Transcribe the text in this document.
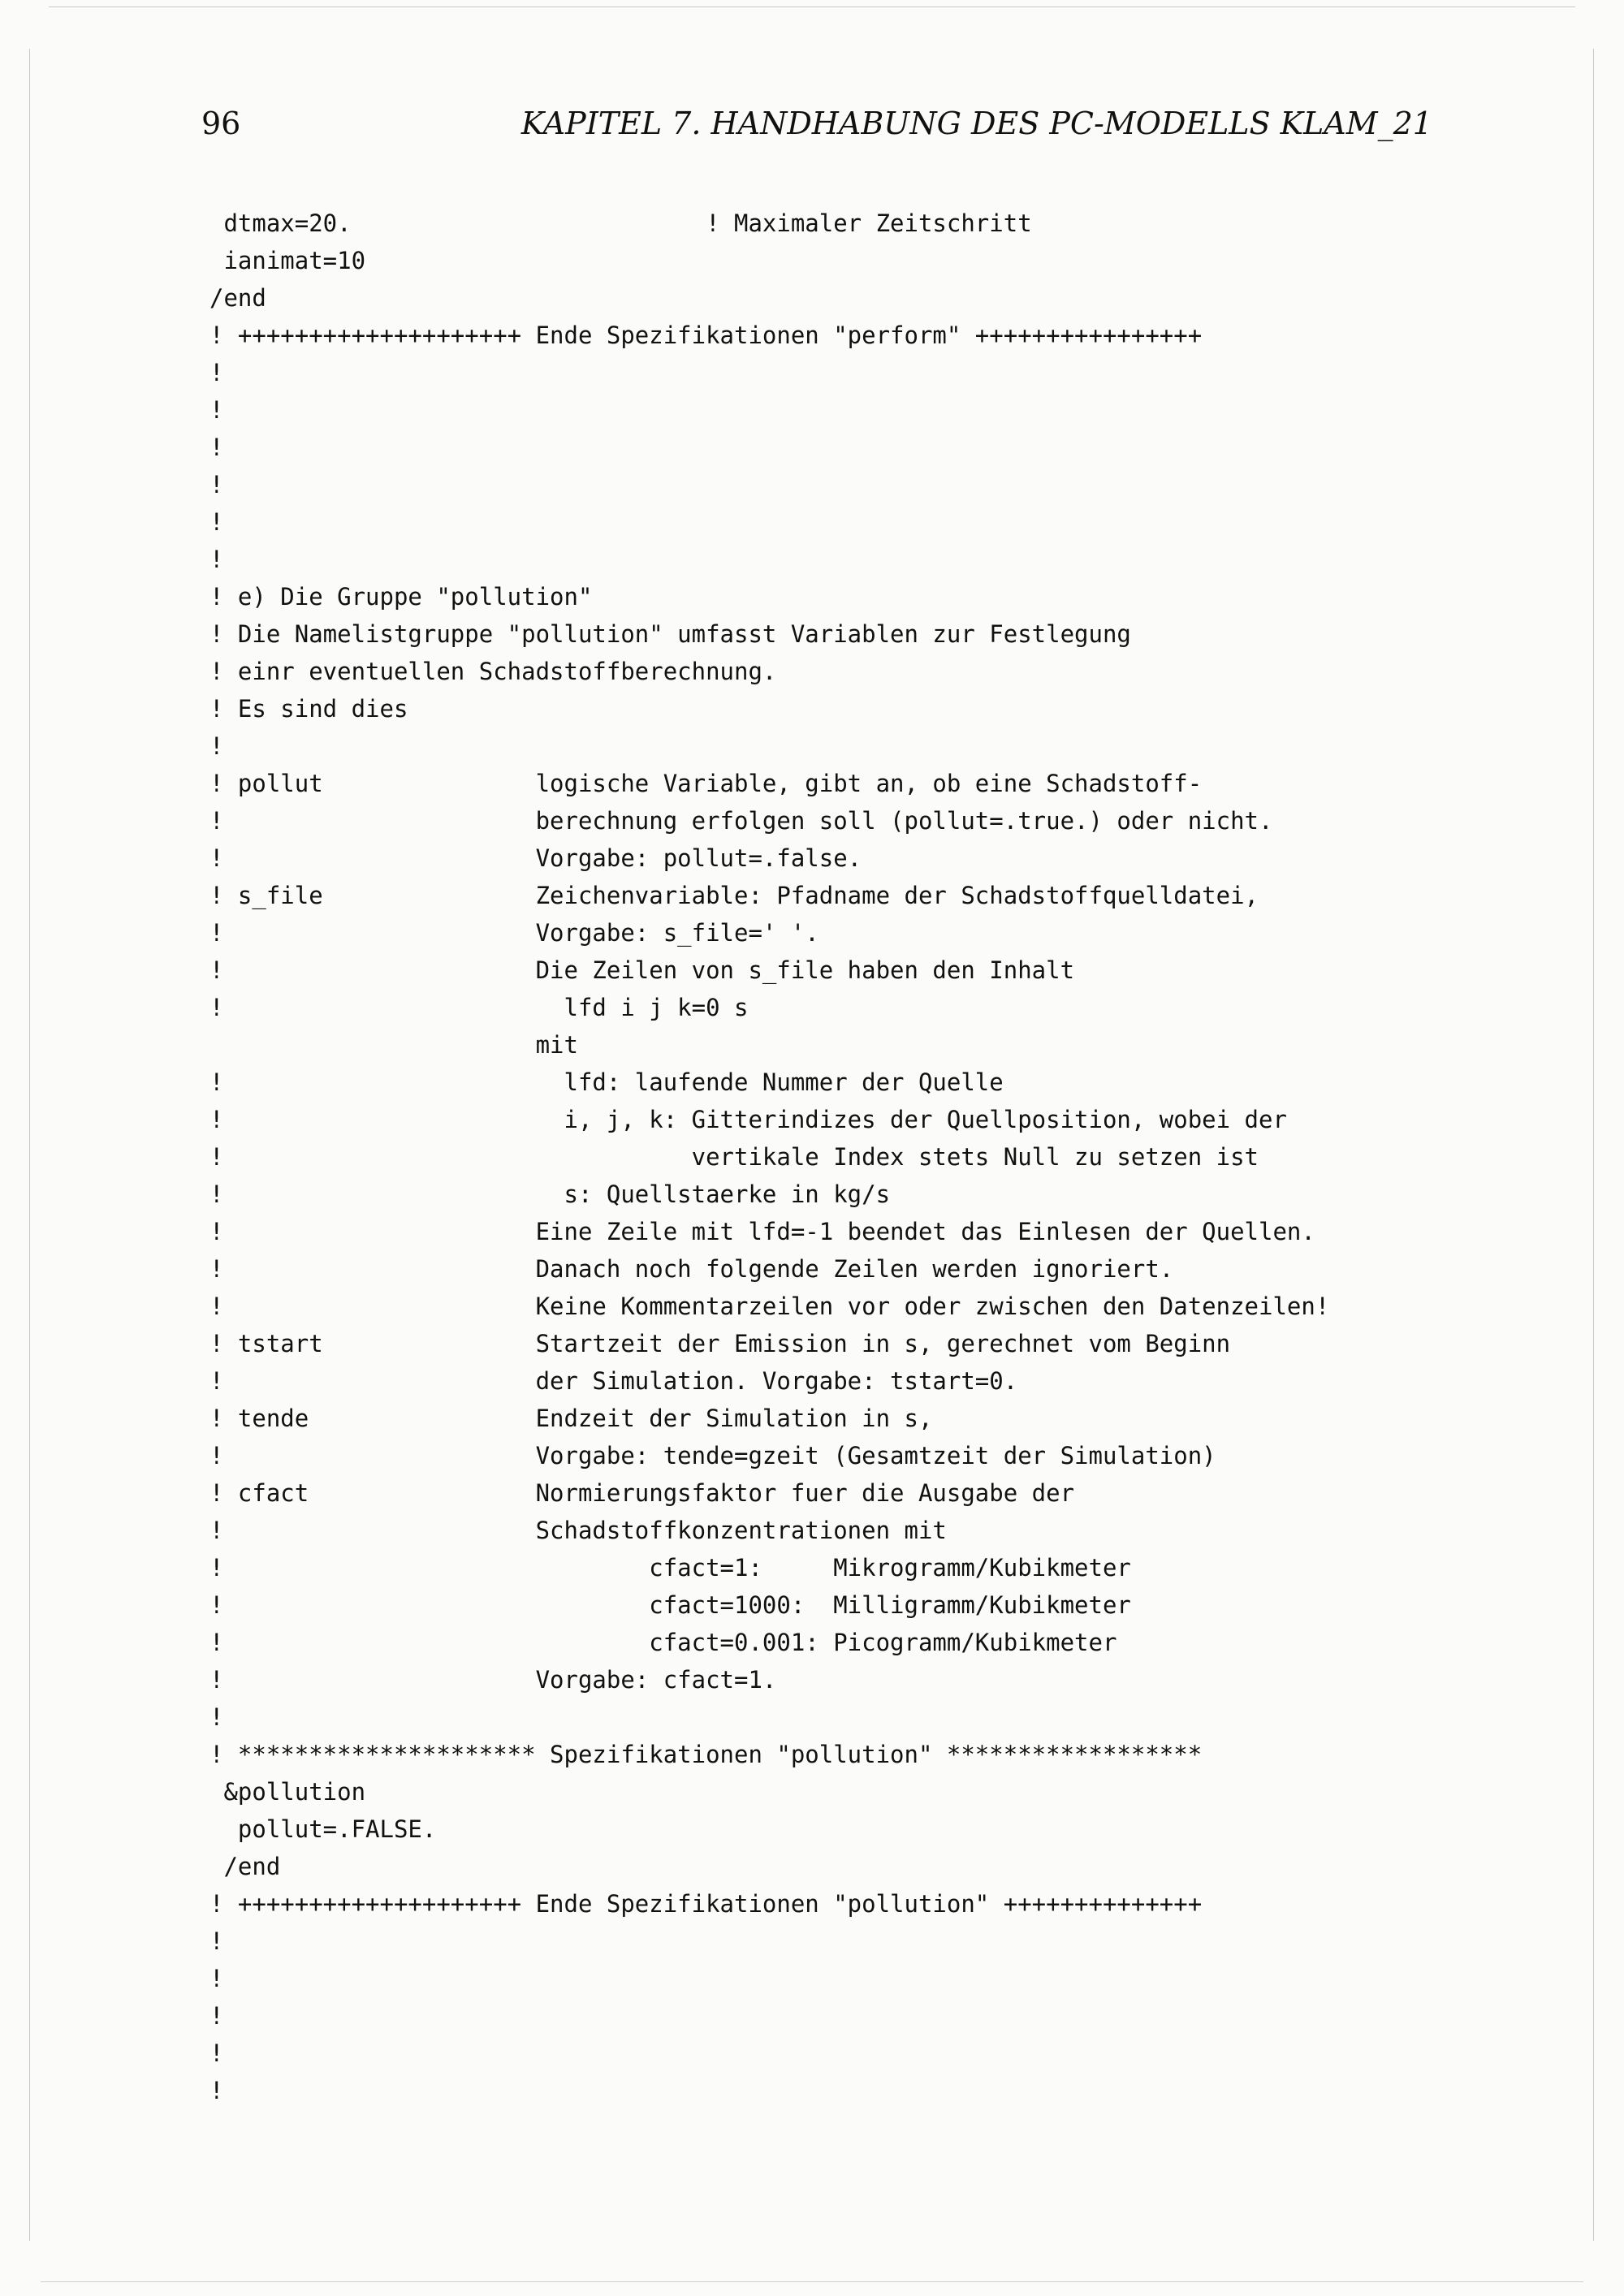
96	KAPITEL 7. HANDHABUNG DES PC-MODELLS KLAM_21

dtmax=20.                         ! Maximaler Zeitschritt

ianimat=10

/end

! ++++++++++++++++++++ Ende Spezifikationen "perform" ++++++++++++++++

!

!

!

!

!

!

! e) Die Gruppe "pollution"

! Die Namelistgruppe "pollution" umfasst Variablen zur Festlegung

! einr eventuellen Schadstoffberechnung.

! Es sind dies

!

! pollut               logische Variable, gibt an, ob eine Schadstoff-

!                      berechnung erfolgen soll (pollut=.true.) oder nicht.

!                      Vorgabe: pollut=.false.

! s_file               Zeichenvariable: Pfadname der Schadstoffquelldatei,

!                      Vorgabe: s_file=' '.

!                      Die Zeilen von s_file haben den Inhalt

!                        lfd i j k=0 s

mit

!                        lfd: laufende Nummer der Quelle

!                        i, j, k: Gitterindizes der Quellposition, wobei der

!                                 vertikale Index stets Null zu setzen ist

!                        s: Quellstaerke in kg/s

!                      Eine Zeile mit lfd=-1 beendet das Einlesen der Quellen.

!                      Danach noch folgende Zeilen werden ignoriert.

!                      Keine Kommentarzeilen vor oder zwischen den Datenzeilen!

! tstart               Startzeit der Emission in s, gerechnet vom Beginn

!                      der Simulation. Vorgabe: tstart=0.

! tende                Endzeit der Simulation in s,

!                      Vorgabe: tende=gzeit (Gesamtzeit der Simulation)

! cfact                Normierungsfaktor fuer die Ausgabe der

!                      Schadstoffkonzentrationen mit

!                              cfact=1:     Mikrogramm/Kubikmeter

!                              cfact=1000:  Milligramm/Kubikmeter

!                              cfact=0.001: Picogramm/Kubikmeter

!                      Vorgabe: cfact=1.

!

! ********************* Spezifikationen "pollution" ******************

&pollution

pollut=.FALSE.

/end

! ++++++++++++++++++++ Ende Spezifikationen "pollution" ++++++++++++++

!

!

!

!

!
